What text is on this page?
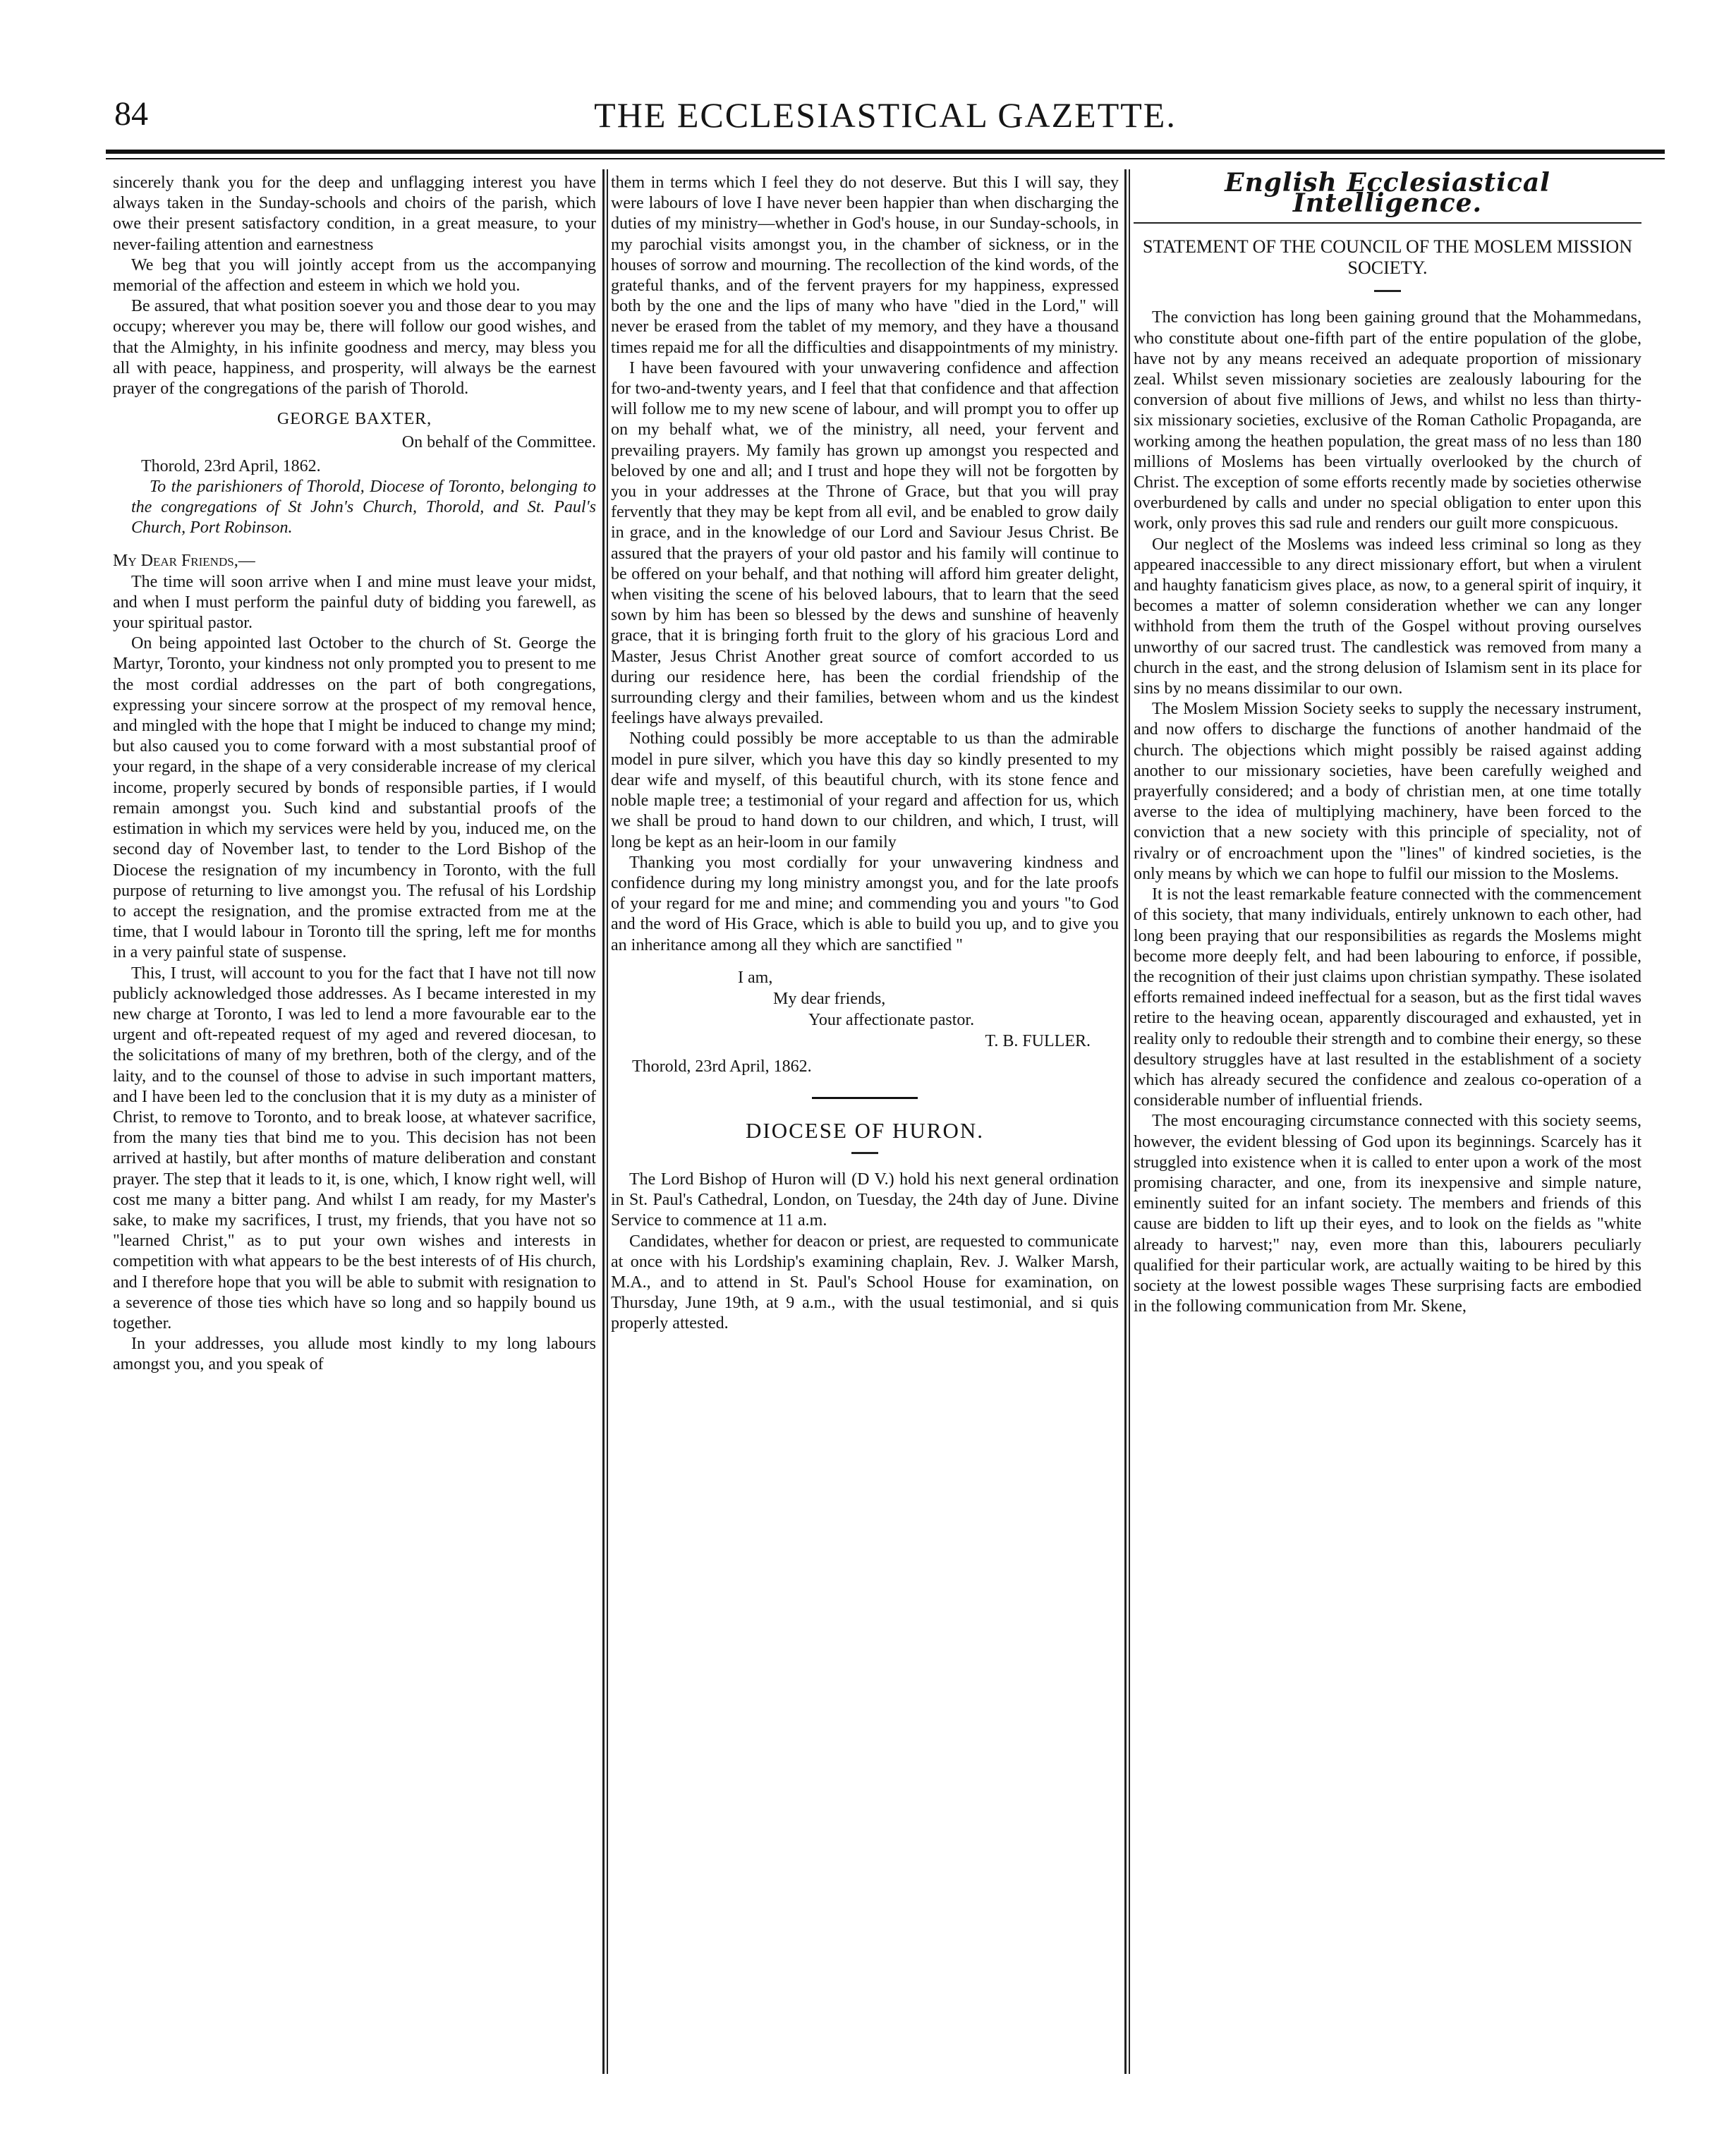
84	THE ECCLESIASTICAL GAZETTE.

sincerely thank you for the deep and unflagging interest you have always taken in the Sunday-schools and choirs of the parish, which owe their present satisfactory condition, in a great measure, to your never-failing attention and earnestness

We beg that you will jointly accept from us the accompanying memorial of the affection and esteem in which we hold you.

Be assured, that what position soever you and those dear to you may occupy; wherever you may be, there will follow our good wishes, and that the Almighty, in his infinite goodness and mercy, may bless you all with peace, happiness, and prosperity, will always be the earnest prayer of the congregations of the parish of Thorold.

GEORGE BAXTER,
On behalf of the Committee.
Thorold, 23rd April, 1862.

To the parishioners of Thorold, Diocese of Toronto, belonging to the congregations of St John's Church, Thorold, and St. Paul's Church, Port Robinson.

My Dear Friends,—

The time will soon arrive when I and mine must leave your midst, and when I must perform the painful duty of bidding you farewell, as your spiritual pastor.

On being appointed last October to the church of St. George the Martyr, Toronto, your kindness not only prompted you to present to me the most cordial addresses on the part of both congregations, expressing your sincere sorrow at the prospect of my removal hence, and mingled with the hope that I might be induced to change my mind; but also caused you to come forward with a most substantial proof of your regard, in the shape of a very considerable increase of my clerical income, properly secured by bonds of responsible parties, if I would remain amongst you. Such kind and substantial proofs of the estimation in which my services were held by you, induced me, on the second day of November last, to tender to the Lord Bishop of the Diocese the resignation of my incumbency in Toronto, with the full purpose of returning to live amongst you. The refusal of his Lordship to accept the resignation, and the promise extracted from me at the time, that I would labour in Toronto till the spring, left me for months in a very painful state of suspense.

This, I trust, will account to you for the fact that I have not till now publicly acknowledged those addresses. As I became interested in my new charge at Toronto, I was led to lend a more favourable ear to the urgent and oft-repeated request of my aged and revered diocesan, to the solicitations of many of my brethren, both of the clergy, and of the laity, and to the counsel of those to advise in such important matters, and I have been led to the conclusion that it is my duty as a minister of Christ, to remove to Toronto, and to break loose, at whatever sacrifice, from the many ties that bind me to you. This decision has not been arrived at hastily, but after months of mature deliberation and constant prayer. The step that it leads to it, is one, which, I know right well, will cost me many a bitter pang. And whilst I am ready, for my Master's sake, to make my sacrifices, I trust, my friends, that you have not so "learned Christ," as to put your own wishes and interests in competition with what appears to be the best interests of of His church, and I therefore hope that you will be able to submit with resignation to a severence of those ties which have so long and so happily bound us together.

In your addresses, you allude most kindly to my long labours amongst you, and you speak of

them in terms which I feel they do not deserve. But this I will say, they were labours of love I have never been happier than when discharging the duties of my ministry—whether in God's house, in our Sunday-schools, in my parochial visits amongst you, in the chamber of sickness, or in the houses of sorrow and mourning. The recollection of the kind words, of the grateful thanks, and of the fervent prayers for my happiness, expressed both by the one and the lips of many who have "died in the Lord," will never be erased from the tablet of my memory, and they have a thousand times repaid me for all the difficulties and disappointments of my ministry.

I have been favoured with your unwavering confidence and affection for two-and-twenty years, and I feel that that confidence and that affection will follow me to my new scene of labour, and will prompt you to offer up on my behalf what, we of the ministry, all need, your fervent and prevailing prayers. My family has grown up amongst you respected and beloved by one and all; and I trust and hope they will not be forgotten by you in your addresses at the Throne of Grace, but that you will pray fervently that they may be kept from all evil, and be enabled to grow daily in grace, and in the knowledge of our Lord and Saviour Jesus Christ. Be assured that the prayers of your old pastor and his family will continue to be offered on your behalf, and that nothing will afford him greater delight, when visiting the scene of his beloved labours, that to learn that the seed sown by him has been so blessed by the dews and sunshine of heavenly grace, that it is bringing forth fruit to the glory of his gracious Lord and Master, Jesus Christ Another great source of comfort accorded to us during our residence here, has been the cordial friendship of the surrounding clergy and their families, between whom and us the kindest feelings have always prevailed.

Nothing could possibly be more acceptable to us than the admirable model in pure silver, which you have this day so kindly presented to my dear wife and myself, of this beautiful church, with its stone fence and noble maple tree; a testimonial of your regard and affection for us, which we shall be proud to hand down to our children, and which, I trust, will long be kept as an heir-loom in our family

Thanking you most cordially for your unwavering kindness and confidence during my long ministry amongst you, and for the late proofs of your regard for me and mine; and commending you and yours "to God and the word of His Grace, which is able to build you up, and to give you an inheritance among all they which are sanctified "

I am,
My dear friends,
Your affectionate pastor.
T. B. FULLER.
Thorold, 23rd April, 1862.
DIOCESE OF HURON.

The Lord Bishop of Huron will (D V.) hold his next general ordination in St. Paul's Cathedral, London, on Tuesday, the 24th day of June. Divine Service to commence at 11 a.m.

Candidates, whether for deacon or priest, are requested to communicate at once with his Lordship's examining chaplain, Rev. J. Walker Marsh, M.A., and to attend in St. Paul's School House for examination, on Thursday, June 19th, at 9 a.m., with the usual testimonial, and si quis properly attested.

English Ecclesiastical Intelligence.
STATEMENT OF THE COUNCIL OF THE MOSLEM MISSION SOCIETY.

The conviction has long been gaining ground that the Mohammedans, who constitute about one-fifth part of the entire population of the globe, have not by any means received an adequate proportion of missionary zeal. Whilst seven missionary societies are zealously labouring for the conversion of about five millions of Jews, and whilst no less than thirty-six missionary societies, exclusive of the Roman Catholic Propaganda, are working among the heathen population, the great mass of no less than 180 millions of Moslems has been virtually overlooked by the church of Christ. The exception of some efforts recently made by societies otherwise overburdened by calls and under no special obligation to enter upon this work, only proves this sad rule and renders our guilt more conspicuous.

Our neglect of the Moslems was indeed less criminal so long as they appeared inaccessible to any direct missionary effort, but when a virulent and haughty fanaticism gives place, as now, to a general spirit of inquiry, it becomes a matter of solemn consideration whether we can any longer withhold from them the truth of the Gospel without proving ourselves unworthy of our sacred trust. The candlestick was removed from many a church in the east, and the strong delusion of Islamism sent in its place for sins by no means dissimilar to our own.

The Moslem Mission Society seeks to supply the necessary instrument, and now offers to discharge the functions of another handmaid of the church. The objections which might possibly be raised against adding another to our missionary societies, have been carefully weighed and prayerfully considered; and a body of christian men, at one time totally averse to the idea of multiplying machinery, have been forced to the conviction that a new society with this principle of speciality, not of rivalry or of encroachment upon the "lines" of kindred societies, is the only means by which we can hope to fulfil our mission to the Moslems.

It is not the least remarkable feature connected with the commencement of this society, that many individuals, entirely unknown to each other, had long been praying that our responsibilities as regards the Moslems might become more deeply felt, and had been labouring to enforce, if possible, the recognition of their just claims upon christian sympathy. These isolated efforts remained indeed ineffectual for a season, but as the first tidal waves retire to the heaving ocean, apparently discouraged and exhausted, yet in reality only to redouble their strength and to combine their energy, so these desultory struggles have at last resulted in the establishment of a society which has already secured the confidence and zealous co-operation of a considerable number of influential friends.

The most encouraging circumstance connected with this society seems, however, the evident blessing of God upon its beginnings. Scarcely has it struggled into existence when it is called to enter upon a work of the most promising character, and one, from its inexpensive and simple nature, eminently suited for an infant society. The members and friends of this cause are bidden to lift up their eyes, and to look on the fields as "white already to harvest;" nay, even more than this, labourers peculiarly qualified for their particular work, are actually waiting to be hired by this society at the lowest possible wages These surprising facts are embodied in the following communication from Mr. Skene,
